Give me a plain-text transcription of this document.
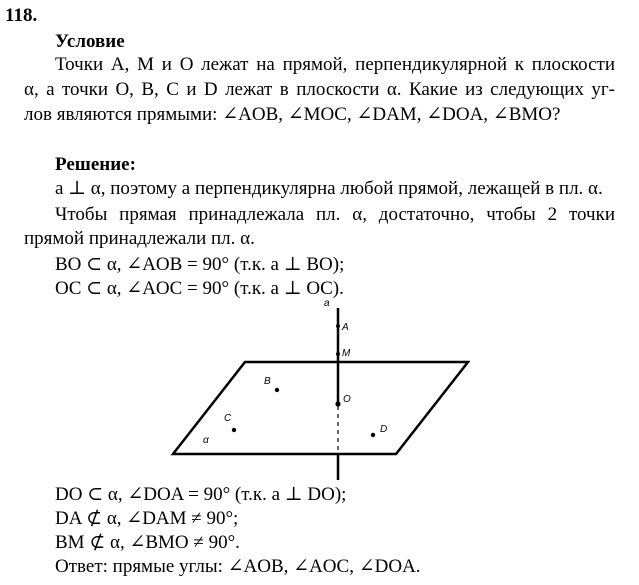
118.
Условие
Точки A, M и O лежат на прямой, перпендикулярной к плоскости
α, а точки O, B, C и D лежат в плоскости α. Какие из следующих уг-
лов являются прямыми: ∠AOB, ∠MOC, ∠DAM, ∠DOA, ∠BMO?
Решение:
a ⊥ α, поэтому a перпендикулярна любой прямой, лежащей в пл. α.
Чтобы прямая принадлежала пл. α, достаточно, чтобы 2 точки
прямой принадлежали пл. α.
BO ⊂ α, ∠AOB = 90° (т.к. a ⊥ BO);
OC ⊂ α, ∠AOC = 90° (т.к. a ⊥ OC).
a
A
M
O
B
C
D
α
DO ⊂ α, ∠DOA = 90° (т.к. a ⊥ DO);
DA ⊄ α, ∠DAM ≠ 90°;
BM ⊄ α, ∠BMO ≠ 90°.
Ответ: прямые углы: ∠AOB, ∠AOC, ∠DOA.
